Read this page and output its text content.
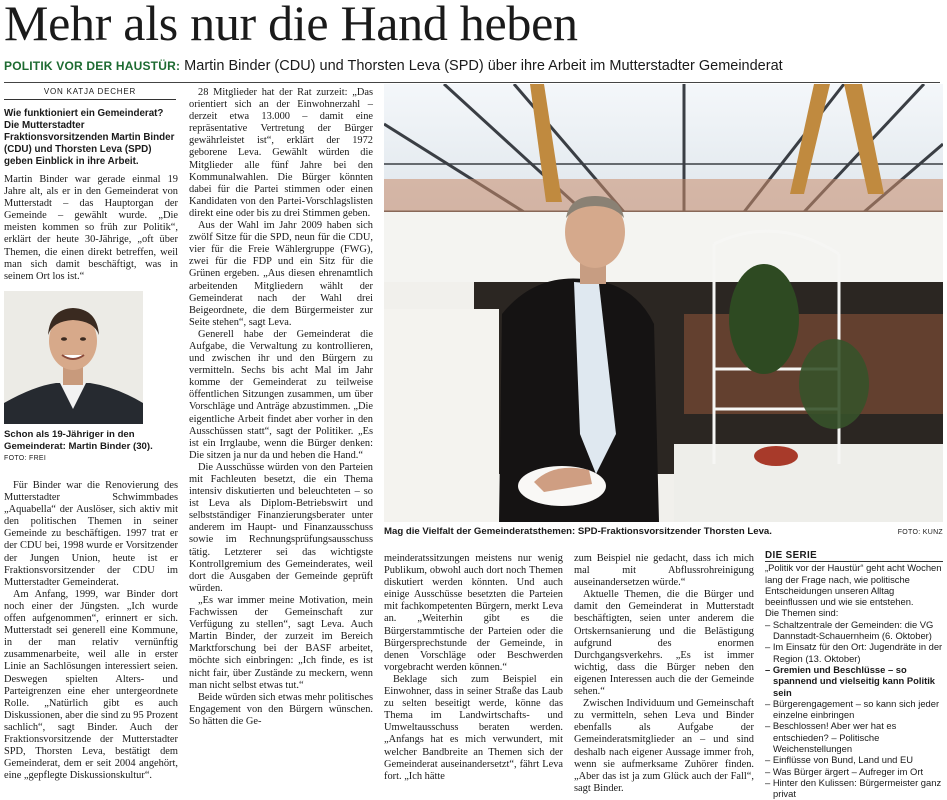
Mehr als nur die Hand heben
POLITIK VOR DER HAUSTÜR: Martin Binder (CDU) und Thorsten Leva (SPD) über ihre Arbeit im Mutterstadter Gemeinderat
VON KATJA DECHER

Wie funktioniert ein Gemeinderat? Die Mutterstadter Fraktionsvorsitzenden Martin Binder (CDU) und Thorsten Leva (SPD) geben Einblick in ihre Arbeit.

Martin Binder war gerade einmal 19 Jahre alt, als er in den Gemeinderat von Mutterstadt – das Hauptorgan der Gemeinde – gewählt wurde. „Die meisten kommen so früh zur Politik“, erklärt der heute 30-Jährige, „oft über Themen, die einen direkt betreffen, weil man sich damit beschäftigt, was in seinem Ort los ist.“

Schon als 19-Jähriger in den Gemeinderat: Martin Binder (30). FOTO: FREI

Für Binder war die Renovierung des Mutterstadter Schwimmbades „Aquabella“ der Auslöser, sich aktiv mit den politischen Themen in seiner Gemeinde zu beschäftigen. 1997 trat er der CDU bei, 1998 wurde er Vorsitzender der Jungen Union, heute ist er Fraktionsvorsitzender der CDU im Mutterstadter Gemeinderat.

Am Anfang, 1999, war Binder dort noch einer der Jüngsten. „Ich wurde offen aufgenommen“, erinnert er sich. Mutterstadt sei generell eine Kommune, in der man relativ vernünftig zusammenarbeite, weil alle in erster Linie an Sachlösungen interessiert seien. Deswegen spielten Alters- und Parteigrenzen eine eher untergeordnete Rolle. „Natürlich gibt es auch Diskussionen, aber die sind zu 95 Prozent sachlich“, sagt Binder. Auch der Fraktionsvorsitzende der Mutterstadter SPD, Thorsten Leva, bestätigt dem Gemeinderat, dem er seit 2004 angehört, eine „gepflegte Diskussionskultur“.

28 Mitglieder hat der Rat zurzeit: „Das orientiert sich an der Einwohnerzahl – derzeit etwa 13.000 – damit eine repräsentative Vertretung der Bürger gewährleistet ist“, erklärt der 1972 geborene Leva. Gewählt würden die Mitglieder alle fünf Jahre bei den Kommunalwahlen. Die Bürger könnten dabei für die Partei stimmen oder einen Kandidaten von den Partei-Vorschlagslisten direkt eine oder bis zu drei Stimmen geben.

Aus der Wahl im Jahr 2009 haben sich zwölf Sitze für die SPD, neun für die CDU, vier für die Freie Wählergruppe (FWG), zwei für die FDP und ein Sitz für die Grünen ergeben. „Aus diesen ehrenamtlich arbeitenden Mitgliedern wählt der Gemeinderat nach der Wahl drei Beigeordnete, die dem Bürgermeister zur Seite stehen“, sagt Leva.

Generell habe der Gemeinderat die Aufgabe, die Verwaltung zu kontrollieren, und zwischen ihr und den Bürgern zu vermitteln. Sechs bis acht Mal im Jahr komme der Gemeinderat zu teilweise öffentlichen Sitzungen zusammen, um über Vorschläge und Anträge abzustimmen. „Die eigentliche Arbeit findet aber vorher in den Ausschüssen statt“, sagt der Politiker. „Es ist ein Irrglaube, wenn die Bürger denken: Die sitzen ja nur da und heben die Hand.“

Die Ausschüsse würden von den Parteien mit Fachleuten besetzt, die ein Thema intensiv diskutierten und beleuchteten – so ist Leva als Diplom-Betriebswirt und selbstständiger Finanzierungsberater unter anderem im Haupt- und Finanzausschuss sowie im Rechnungsprüfungsausschuss tätig. Letzterer sei das wichtigste Kontrollgremium des Gemeinderates, weil dort die Ausgaben der Gemeinde geprüft würden.

„Es war immer meine Motivation, mein Fachwissen der Gemeinschaft zur Verfügung zu stellen“, sagt Leva. Auch Martin Binder, der zurzeit im Bereich Marktforschung bei der BASF arbeitet, möchte sich einbringen: „Ich finde, es ist nicht fair, über Zustände zu meckern, wenn man nicht selbst etwas tut.“

Beide würden sich etwas mehr politisches Engagement von den Bürgern wünschen. So hätten die Ge-

Mag die Vielfalt der Gemeinderatsthemen: SPD-Fraktionsvorsitzender Thorsten Leva.	FOTO: KUNZ

meinderatssitzungen meistens nur wenig Publikum, obwohl auch dort noch Themen diskutiert werden könnten. Und auch einige Ausschüsse besetzten die Parteien mit fachkompetenten Bürgern, merkt Leva an. „Weiterhin gibt es die Bürgerstammtische der Parteien oder die Bürgersprechstunde der Gemeinde, in denen Vorschläge oder Beschwerden vorgebracht werden können.“

Beklage sich zum Beispiel ein Einwohner, dass in seiner Straße das Laub zu selten beseitigt werde, könne das Thema im Landwirtschafts- und Umweltausschuss beraten werden. „Anfangs hat es mich verwundert, mit welcher Bandbreite an Themen sich der Gemeinderat auseinandersetzt“, fährt Leva fort. „Ich hätte

zum Beispiel nie gedacht, dass ich mich mal mit Abflussrohreinigung auseinandersetzen würde.“

Aktuelle Themen, die die Bürger und damit den Gemeinderat in Mutterstadt beschäftigten, seien unter anderem die Ortskernsanierung und die Belästigung aufgrund des enormen Durchgangsverkehrs. „Es ist immer wichtig, dass die Bürger neben den eigenen Interessen auch die der Gemeinde sehen.“

Zwischen Individuum und Gemeinschaft zu vermitteln, sehen Leva und Binder ebenfalls als Aufgabe der Gemeinderatsmitglieder an – und sind deshalb nach eigener Aussage immer froh, wenn sie aufmerksame Zuhörer finden. „Aber das ist ja zum Glück auch der Fall“, sagt Binder.

DIE SERIE
„Politik vor der Haustür“ geht acht Wochen lang der Frage nach, wie politische Entscheidungen unseren Alltag beeinflussen und wie sie entstehen.
Die Themen sind:
– Schaltzentrale der Gemeinden: die VG Dannstadt-Schauernheim (6. Oktober)
– Im Einsatz für den Ort: Jugendräte in der Region (13. Oktober)
– Gremien und Beschlüsse – so spannend und vielseitig kann Politik sein
– Bürgerengagement – so kann sich jeder einzelne einbringen
– Beschlossen! Aber wer hat es entschieden? – Politische Weichenstellungen
– Einflüsse von Bund, Land und EU
– Was Bürger ärgert – Aufreger im Ort
– Hinter den Kulissen: Bürgermeister ganz privat
